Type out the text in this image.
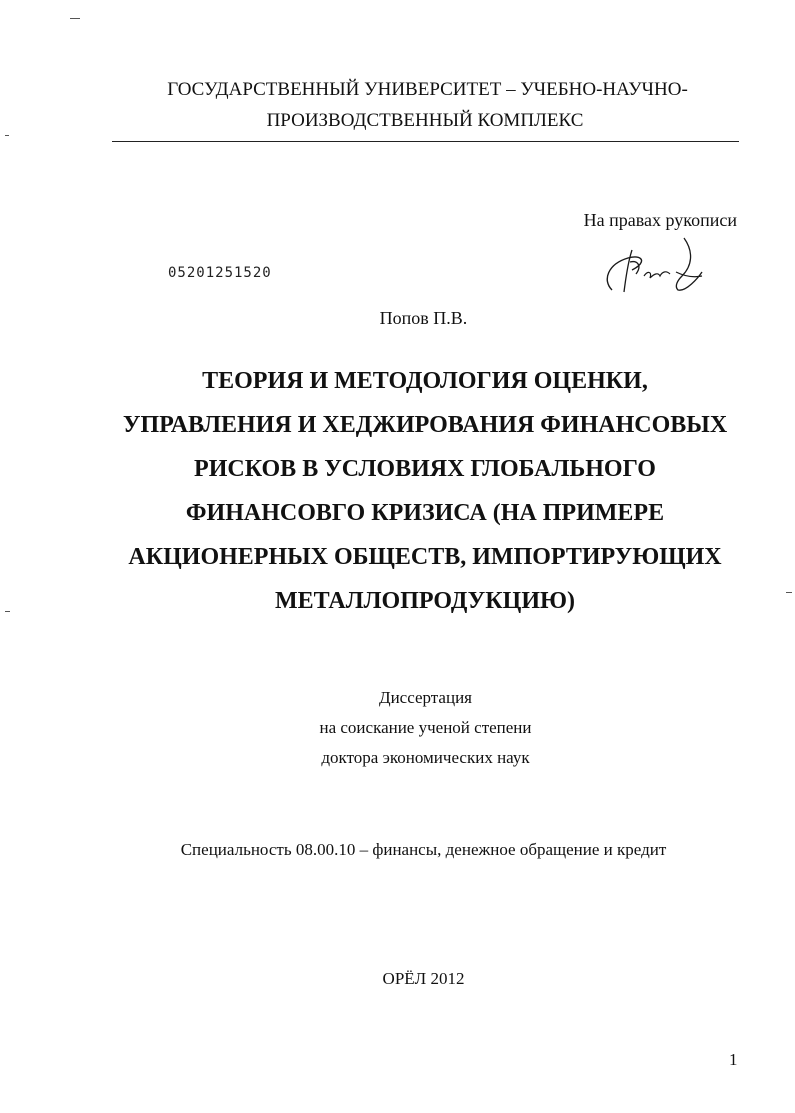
ГОСУДАРСТВЕННЫЙ УНИВЕРСИТЕТ – УЧЕБНО-НАУЧНО-
ПРОИЗВОДСТВЕННЫЙ КОМПЛЕКС
На правах рукописи
05201251520
Попов П.В.
ТЕОРИЯ И МЕТОДОЛОГИЯ ОЦЕНКИ,
УПРАВЛЕНИЯ И ХЕДЖИРОВАНИЯ ФИНАНСОВЫХ
РИСКОВ В УСЛОВИЯХ ГЛОБАЛЬНОГО
ФИНАНСОВГО КРИЗИСА (НА ПРИМЕРЕ
АКЦИОНЕРНЫХ ОБЩЕСТВ, ИМПОРТИРУЮЩИХ
МЕТАЛЛОПРОДУКЦИЮ)
Диссертация
на соискание ученой степени
доктора экономических наук
Специальность 08.00.10 – финансы, денежное обращение и кредит
ОРЁЛ 2012
1
